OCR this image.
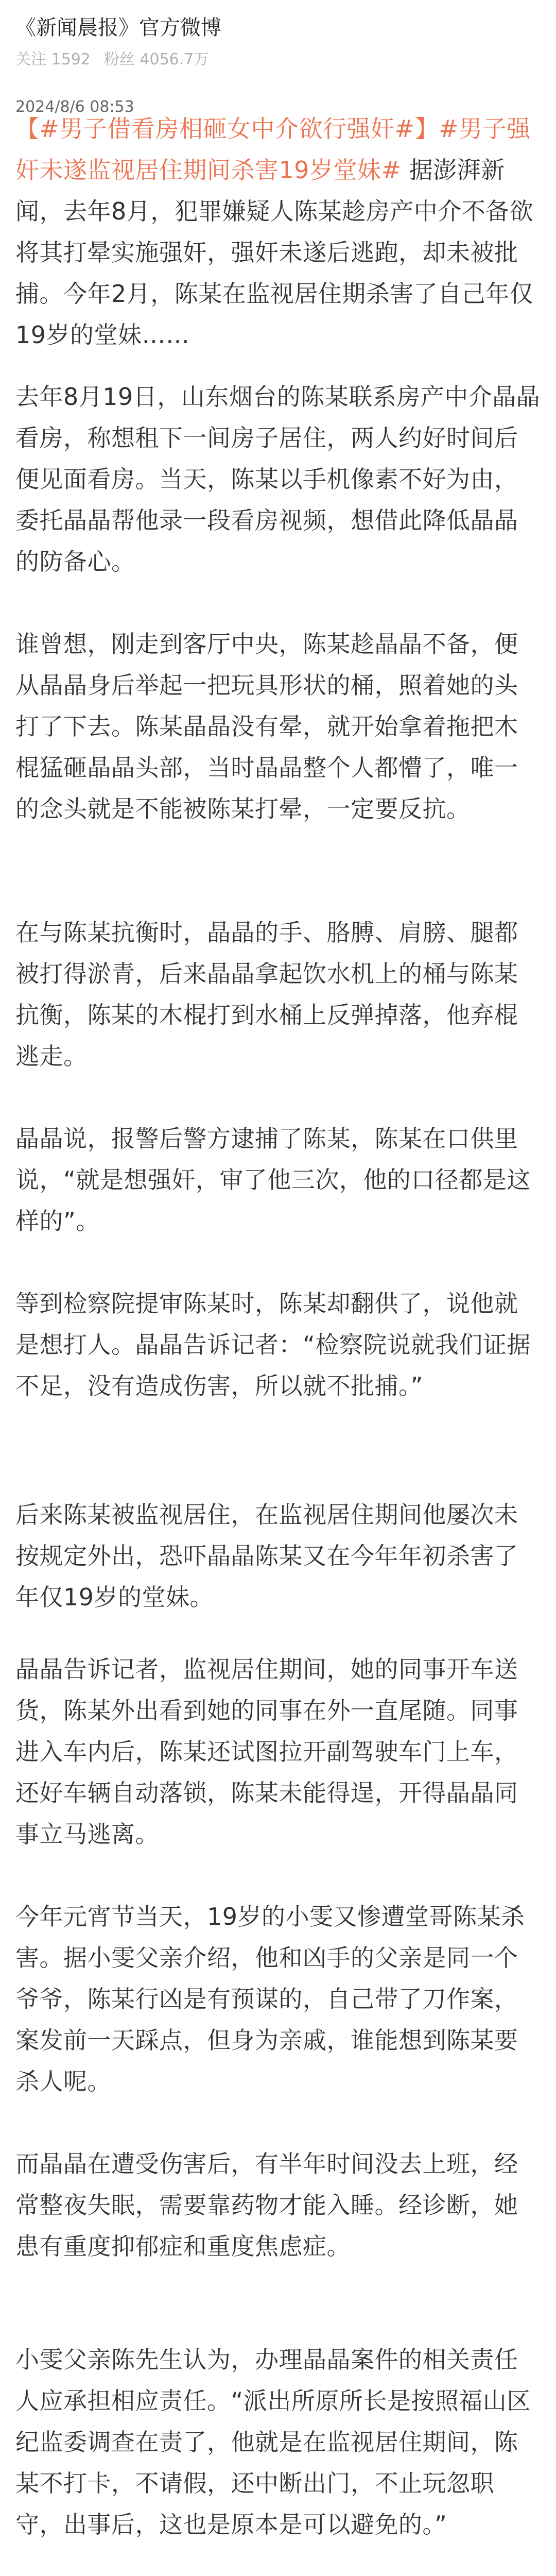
《新闻晨报》官方微博
关注 1592 粉丝 4056.7万
2024/8/6 08:53

【#男子借看房相砸女中介欲行强奸#】#男子强奸未遂监视居住期间杀害19岁堂妹# 据澎湃新闻，去年8月，犯罪嫌疑人陈某趁房产中介不备欲将其打晕实施强奸，强奸未遂后逃跑，却未被批捕。今年2月，陈某在监视居住期杀害了自己年仅19岁的堂妹……

去年8月19日，山东烟台的陈某联系房产中介晶晶看房，称想租下一间房子居住，两人约好时间后便见面看房。当天，陈某以手机像素不好为由，委托晶晶帮他录一段看房视频，想借此降低晶晶的防备心。

谁曾想，刚走到客厅中央，陈某趁晶晶不备，便从晶晶身后举起一把玩具形状的桶，照着她的头打了下去。陈某晶晶没有晕，就开始拿着拖把木棍猛砸晶晶头部，当时晶晶整个人都懵了，唯一的念头就是不能被陈某打晕，一定要反抗。

在与陈某抗衡时，晶晶的手、胳膊、肩膀、腿都被打得淤青，后来晶晶拿起饮水机上的桶与陈某抗衡，陈某的木棍打到水桶上反弹掉落，他弃棍逃走。

晶晶说，报警后警方逮捕了陈某，陈某在口供里说，“就是想强奸，审了他三次，他的口径都是这样的”。

等到检察院提审陈某时，陈某却翻供了，说他就是想打人。晶晶告诉记者：“检察院说就我们证据不足，没有造成伤害，所以就不批捕。”

后来陈某被监视居住，在监视居住期间他屡次未按规定外出，恐吓晶晶陈某又在今年年初杀害了年仅19岁的堂妹。

晶晶告诉记者，监视居住期间，她的同事开车送货，陈某外出看到她的同事在外一直尾随。同事进入车内后，陈某还试图拉开副驾驶车门上车，还好车辆自动落锁，陈某未能得逞，开得晶晶同事立马逃离。

今年元宵节当天，19岁的小雯又惨遭堂哥陈某杀害。据小雯父亲介绍，他和凶手的父亲是同一个爷爷，陈某行凶是有预谋的，自己带了刀作案，案发前一天踩点，但身为亲戚，谁能想到陈某要杀人呢。

而晶晶在遭受伤害后，有半年时间没去上班，经常整夜失眠，需要靠药物才能入睡。经诊断，她患有重度抑郁症和重度焦虑症。

小雯父亲陈先生认为，办理晶晶案件的相关责任人应承担相应责任。“派出所原所长是按照福山区纪监委调查在责了，他就是在监视居住期间，陈某不打卡，不请假，还中断出门，不止玩忽职守，出事后，这也是原本是可以避免的。”
